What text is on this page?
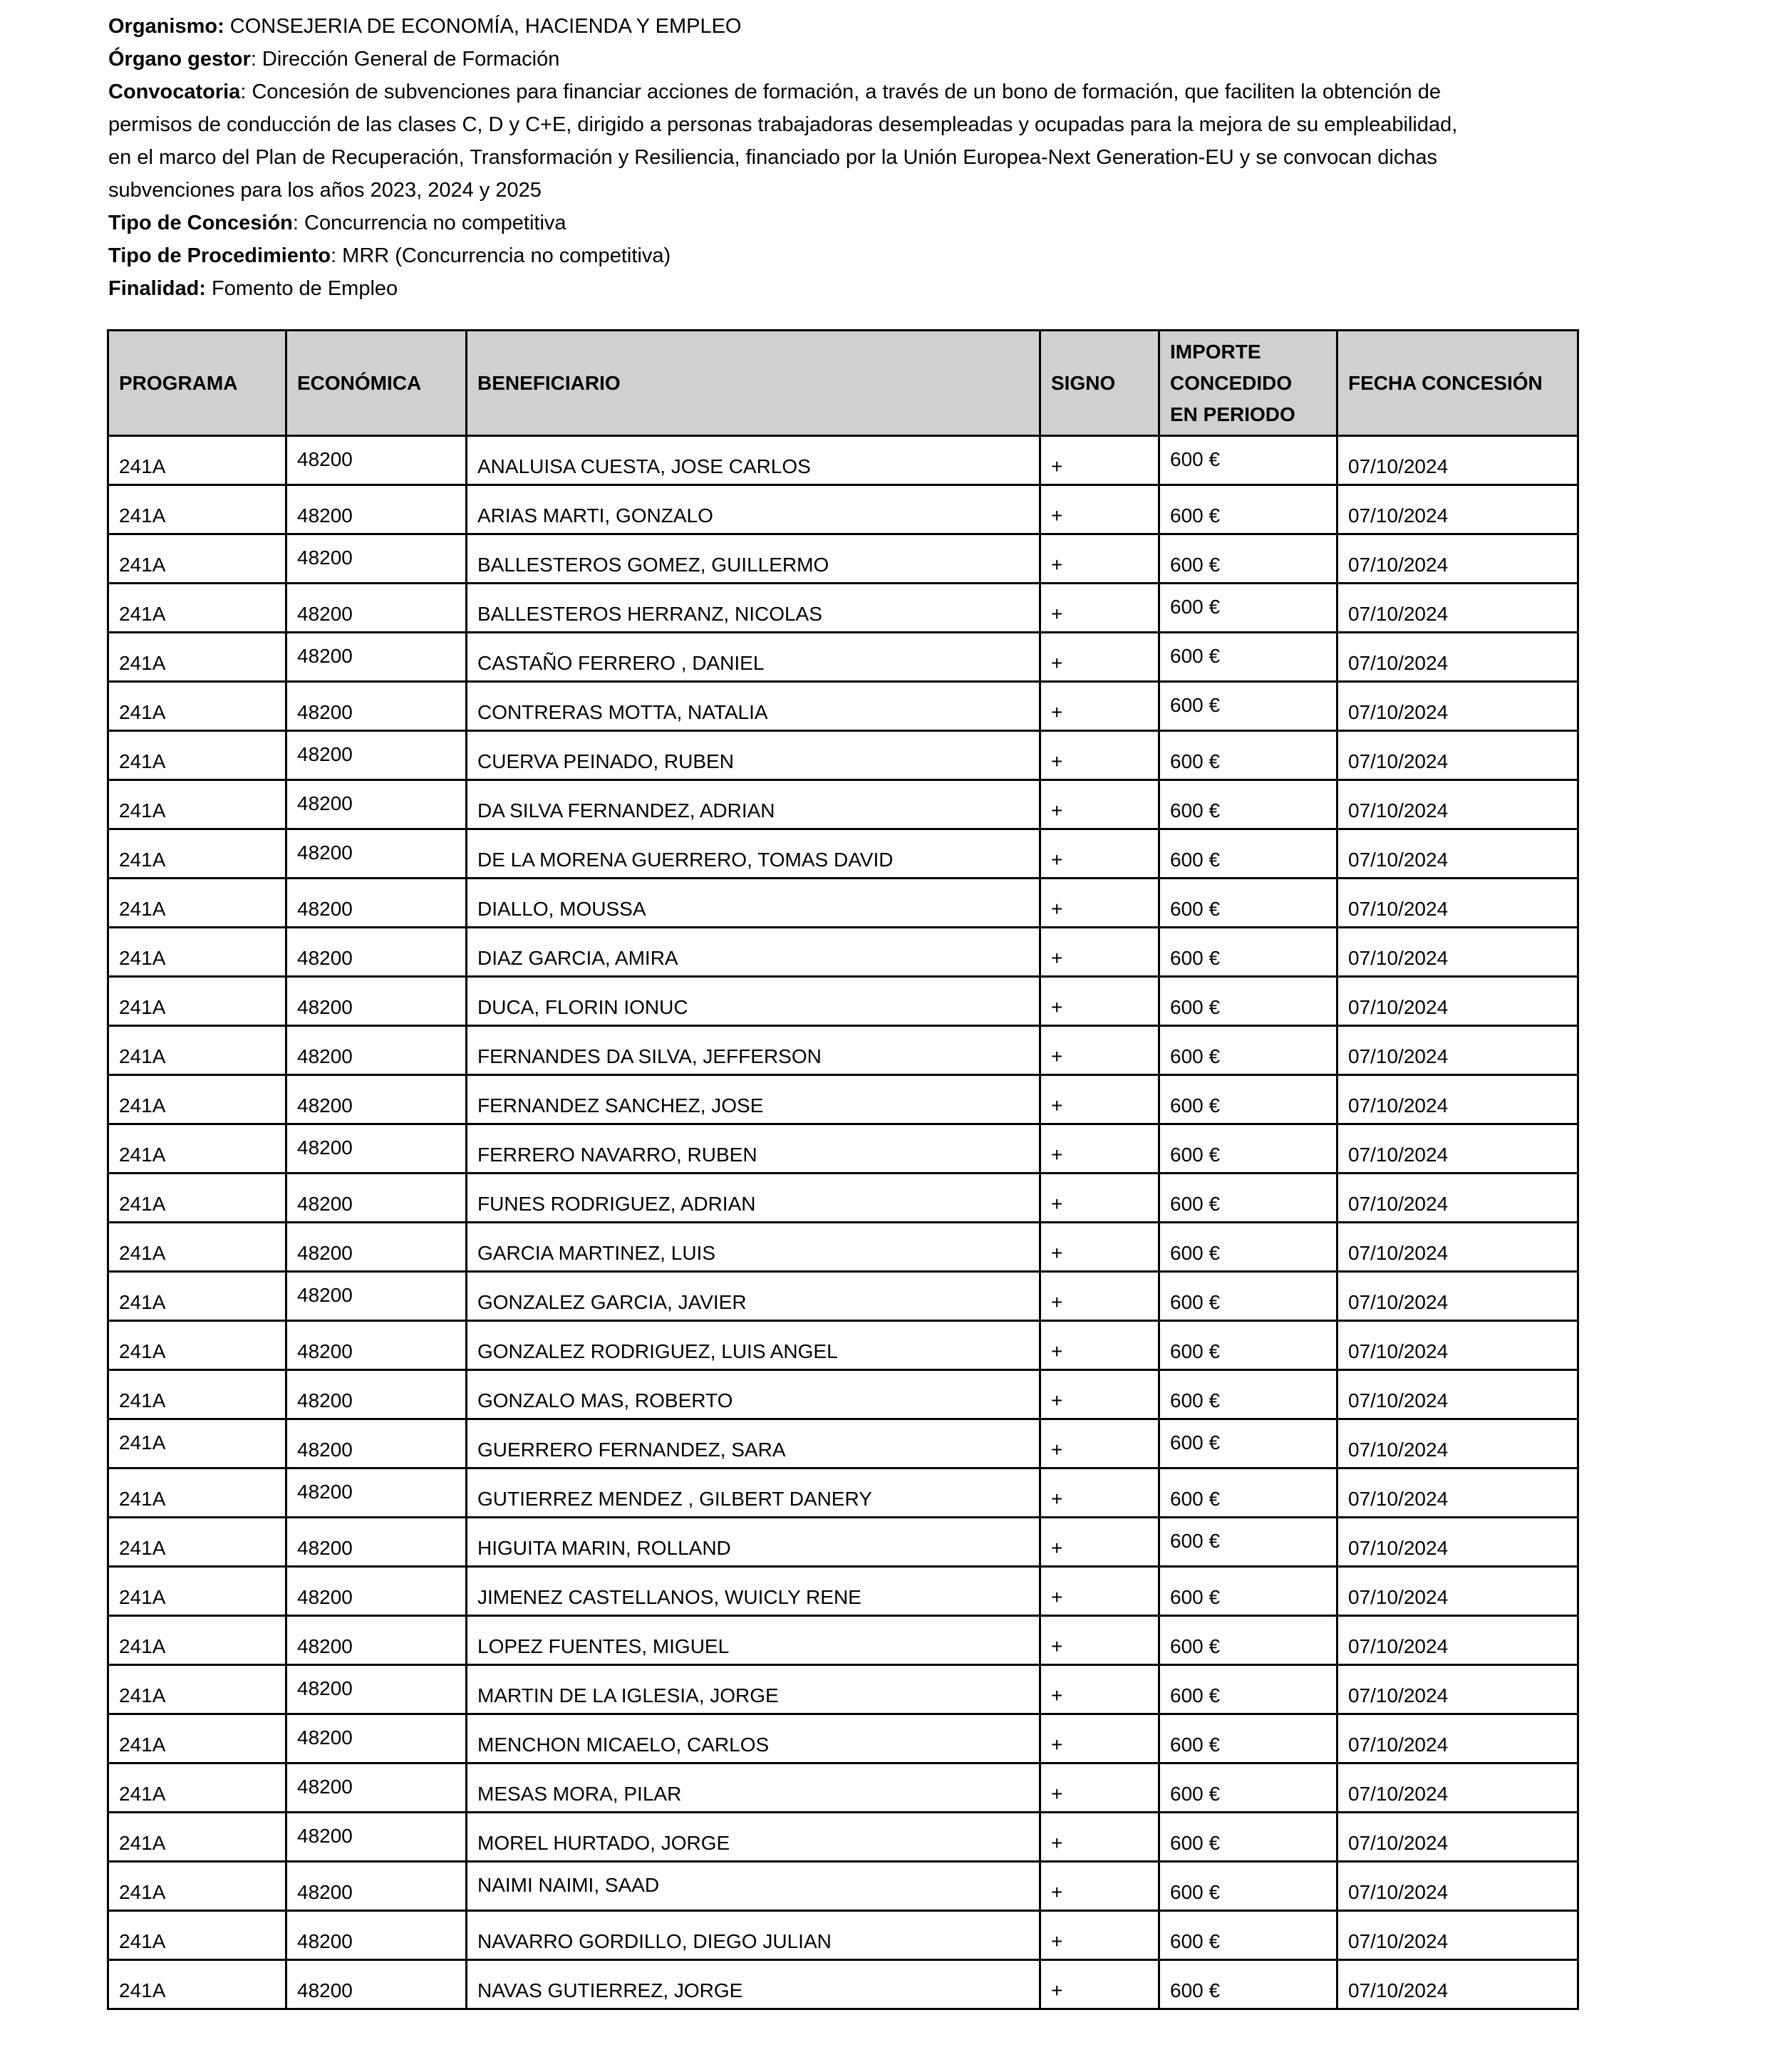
Organismo: CONSEJERIA DE ECONOMÍA, HACIENDA Y EMPLEO
Órgano gestor: Dirección General de Formación
Convocatoria: Concesión de subvenciones para financiar acciones de formación, a través de un bono de formación, que faciliten la obtención de
permisos de conducción de las clases C, D y C+E, dirigido a personas trabajadoras desempleadas y ocupadas para la mejora de su empleabilidad,
en el marco del Plan de Recuperación, Transformación y Resiliencia, financiado por la Unión Europea-Next Generation-EU y se convocan dichas
subvenciones para los años 2023, 2024 y 2025
Tipo de Concesión: Concurrencia no competitiva
Tipo de Procedimiento: MRR (Concurrencia no competitiva)
Finalidad: Fomento de Empleo
PROGRAMA	ECONÓMICA	BENEFICIARIO	SIGNO	IMPORTE
CONCEDIDO
EN PERIODO	FECHA CONCESIÓN
241A	48200	ANALUISA CUESTA, JOSE CARLOS	+	600 €	07/10/2024
241A	48200	ARIAS MARTI, GONZALO	+	600 €	07/10/2024
241A	48200	BALLESTEROS GOMEZ, GUILLERMO	+	600 €	07/10/2024
241A	48200	BALLESTEROS HERRANZ, NICOLAS	+	600 €	07/10/2024
241A	48200	CASTAÑO FERRERO , DANIEL	+	600 €	07/10/2024
241A	48200	CONTRERAS MOTTA, NATALIA	+	600 €	07/10/2024
241A	48200	CUERVA PEINADO, RUBEN	+	600 €	07/10/2024
241A	48200	DA SILVA FERNANDEZ, ADRIAN	+	600 €	07/10/2024
241A	48200	DE LA MORENA GUERRERO, TOMAS DAVID	+	600 €	07/10/2024
241A	48200	DIALLO, MOUSSA	+	600 €	07/10/2024
241A	48200	DIAZ GARCIA, AMIRA	+	600 €	07/10/2024
241A	48200	DUCA, FLORIN IONUC	+	600 €	07/10/2024
241A	48200	FERNANDES DA SILVA, JEFFERSON	+	600 €	07/10/2024
241A	48200	FERNANDEZ SANCHEZ, JOSE	+	600 €	07/10/2024
241A	48200	FERRERO NAVARRO, RUBEN	+	600 €	07/10/2024
241A	48200	FUNES RODRIGUEZ, ADRIAN	+	600 €	07/10/2024
241A	48200	GARCIA MARTINEZ, LUIS	+	600 €	07/10/2024
241A	48200	GONZALEZ GARCIA, JAVIER	+	600 €	07/10/2024
241A	48200	GONZALEZ RODRIGUEZ, LUIS ANGEL	+	600 €	07/10/2024
241A	48200	GONZALO MAS, ROBERTO	+	600 €	07/10/2024
241A	48200	GUERRERO FERNANDEZ, SARA	+	600 €	07/10/2024
241A	48200	GUTIERREZ MENDEZ , GILBERT DANERY	+	600 €	07/10/2024
241A	48200	HIGUITA MARIN, ROLLAND	+	600 €	07/10/2024
241A	48200	JIMENEZ CASTELLANOS, WUICLY RENE	+	600 €	07/10/2024
241A	48200	LOPEZ FUENTES, MIGUEL	+	600 €	07/10/2024
241A	48200	MARTIN DE LA IGLESIA, JORGE	+	600 €	07/10/2024
241A	48200	MENCHON MICAELO, CARLOS	+	600 €	07/10/2024
241A	48200	MESAS MORA, PILAR	+	600 €	07/10/2024
241A	48200	MOREL HURTADO, JORGE	+	600 €	07/10/2024
241A	48200	NAIMI NAIMI, SAAD	+	600 €	07/10/2024
241A	48200	NAVARRO GORDILLO, DIEGO JULIAN	+	600 €	07/10/2024
241A	48200	NAVAS GUTIERREZ, JORGE	+	600 €	07/10/2024
